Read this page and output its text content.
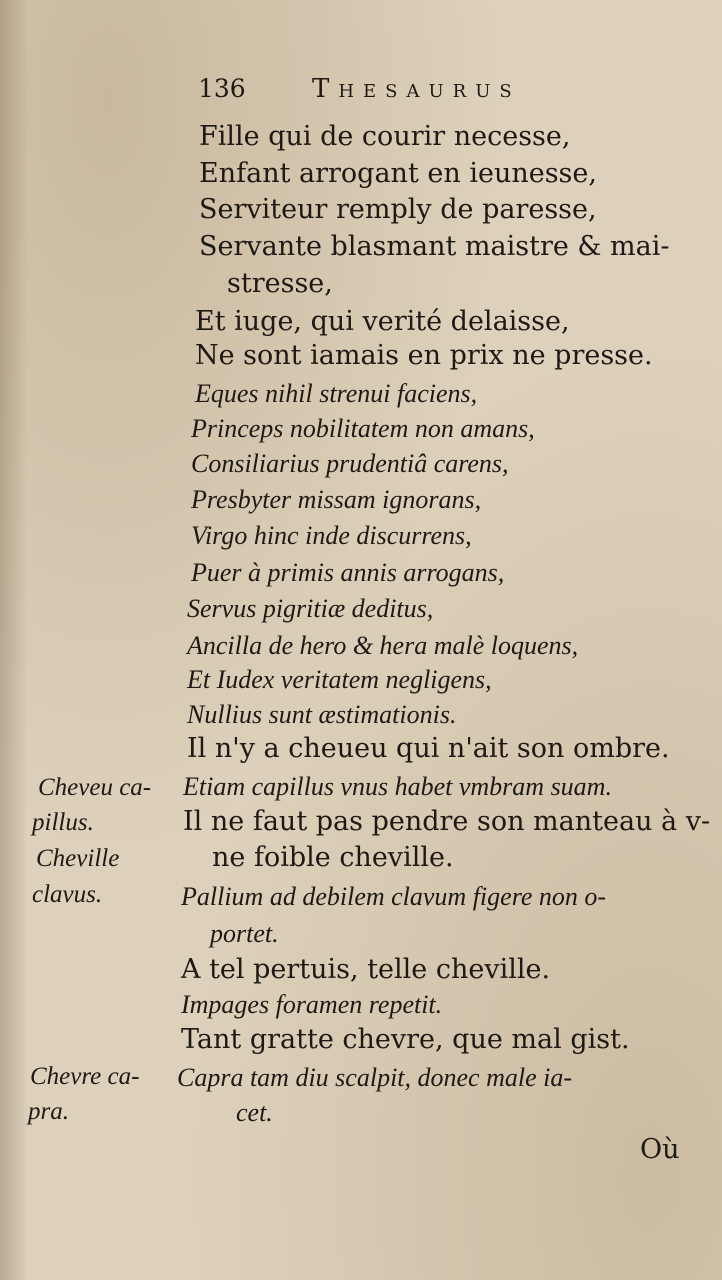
136	Thesaurus
Fille qui de courir necesse,
Enfant arrogant en ieunesse,
Serviteur remply de paresse,
Servante blasmant maistre & mai-
stresse,
Et iuge, qui verité delaisse,
Ne sont iamais en prix ne presse.
Eques nihil strenui faciens,
Princeps nobilitatem non amans,
Consiliarius prudentiâ carens,
Presbyter missam ignorans,
Virgo hinc inde discurrens,
Puer à primis annis arrogans,
Servus pigritiæ deditus,
Ancilla de hero & hera malè loquens,
Et Iudex veritatem negligens,
Nullius sunt æstimationis.
Il n'y a cheueu qui n'ait son ombre.
Etiam capillus vnus habet vmbram suam.
Il ne faut pas pendre son manteau à v-
ne foible cheville.
Pallium ad debilem clavum figere non o-
portet.
A tel pertuis, telle cheville.
Impages foramen repetit.
Tant gratte chevre, que mal gist.
Capra tam diu scalpit, donec male ia-
cet.
Cheveu ca-
pillus.
Cheville
clavus.
Chevre ca-
pra.
Où
